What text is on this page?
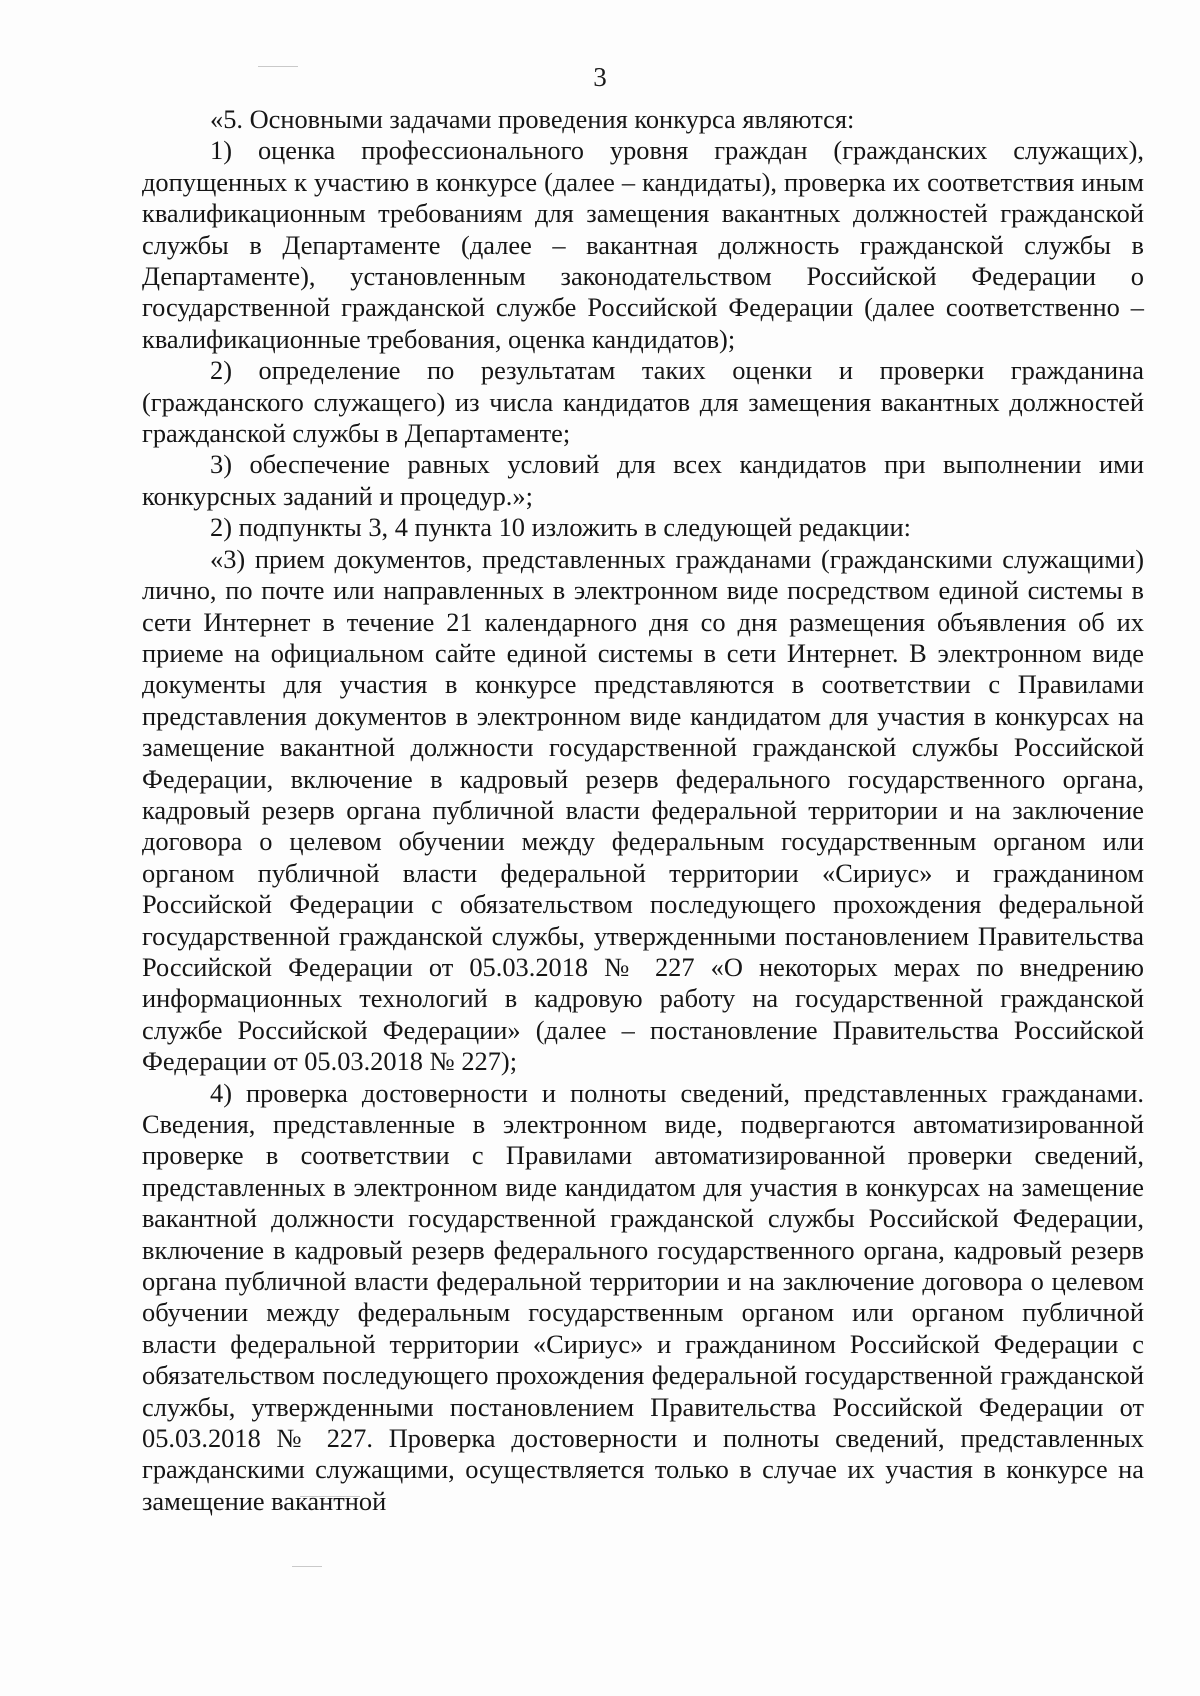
3

«5. Основными задачами проведения конкурса являются:

1) оценка профессионального уровня граждан (гражданских служащих), допущенных к участию в конкурсе (далее – кандидаты), проверка их соответствия иным квалификационным требованиям для замещения вакантных должностей гражданской службы в Департаменте (далее – вакантная должность гражданской службы в Департаменте), установленным законодательством Российской Федерации о государственной гражданской службе Российской Федерации (далее соответственно – квалификационные требования, оценка кандидатов);

2) определение по результатам таких оценки и проверки гражданина (гражданского служащего) из числа кандидатов для замещения вакантных должностей гражданской службы в Департаменте;

3) обеспечение равных условий для всех кандидатов при выполнении ими конкурсных заданий и процедур.»;

2) подпункты 3, 4 пункта 10 изложить в следующей редакции:

«3) прием документов, представленных гражданами (гражданскими служащими) лично, по почте или направленных в электронном виде посредством единой системы в сети Интернет в течение 21 календарного дня со дня размещения объявления об их приеме на официальном сайте единой системы в сети Интернет. В электронном виде документы для участия в конкурсе представляются в соответствии с Правилами представления документов в электронном виде кандидатом для участия в конкурсах на замещение вакантной должности государственной гражданской службы Российской Федерации, включение в кадровый резерв федерального государственного органа, кадровый резерв органа публичной власти федеральной территории и на заключение договора о целевом обучении между федеральным государственным органом или органом публичной власти федеральной территории «Сириус» и гражданином Российской Федерации с обязательством последующего прохождения федеральной государственной гражданской службы, утвержденными постановлением Правительства Российской Федерации от 05.03.2018 № 227 «О некоторых мерах по внедрению информационных технологий в кадровую работу на государственной гражданской службе Российской Федерации» (далее – постановление Правительства Российской Федерации от 05.03.2018 № 227);

4) проверка достоверности и полноты сведений, представленных гражданами. Сведения, представленные в электронном виде, подвергаются автоматизированной проверке в соответствии с Правилами автоматизированной проверки сведений, представленных в электронном виде кандидатом для участия в конкурсах на замещение вакантной должности государственной гражданской службы Российской Федерации, включение в кадровый резерв федерального государственного органа, кадровый резерв органа публичной власти федеральной территории и на заключение договора о целевом обучении между федеральным государственным органом или органом публичной власти федеральной территории «Сириус» и гражданином Российской Федерации с обязательством последующего прохождения федеральной государственной гражданской службы, утвержденными постановлением Правительства Российской Федерации от 05.03.2018 № 227. Проверка достоверности и полноты сведений, представленных гражданскими служащими, осуществляется только в случае их участия в конкурсе на замещение вакантной
